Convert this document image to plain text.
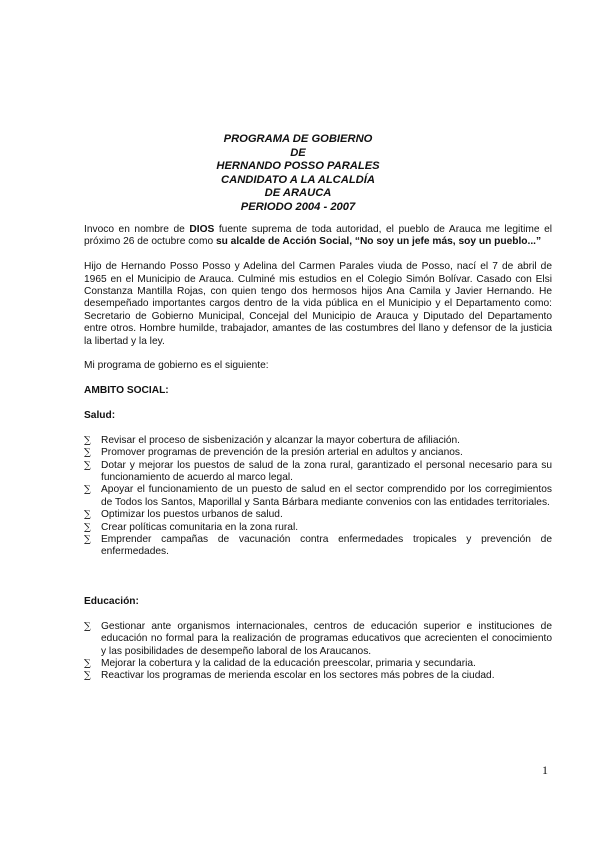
PROGRAMA DE GOBIERNO
DE
HERNANDO POSSO PARALES
CANDIDATO A LA ALCALDÍA
DE ARAUCA
PERIODO 2004 - 2007

Invoco en nombre de DIOS fuente suprema de toda autoridad, el pueblo de Arauca me legitime el próximo 26 de octubre como su alcalde de Acción Social, “No soy un jefe más, soy un pueblo...”

Hijo de Hernando Posso Posso y Adelina del Carmen Parales viuda de Posso, nací el 7 de abril de 1965 en el Municipio de Arauca. Culminé mis estudios en el Colegio Simón Bolívar. Casado con Elsi Constanza Mantilla Rojas, con quien tengo dos hermosos hijos Ana Camila y Javier Hernando. He desempeñado importantes cargos dentro de la vida pública en el Municipio y el Departamento como: Secretario de Gobierno Municipal, Concejal del Municipio de Arauca y Diputado del Departamento entre otros. Hombre humilde, trabajador, amantes de las costumbres del llano y defensor de la justicia la libertad y la ley.

Mi programa de gobierno es el siguiente:

AMBITO SOCIAL:

Salud:

∑ Revisar el proceso de sisbenización y alcanzar la mayor cobertura de afiliación.
∑ Promover programas de prevención de la presión arterial en adultos y ancianos.
∑ Dotar y mejorar los puestos de salud de la zona rural, garantizado el personal necesario para su funcionamiento de acuerdo al marco legal.
∑ Apoyar el funcionamiento de un puesto de salud en el sector comprendido por los corregimientos de Todos los Santos, Maporillal y Santa Bárbara mediante convenios con las entidades territoriales.
∑ Optimizar los puestos urbanos de salud.
∑ Crear políticas comunitaria en la zona rural.
∑ Emprender campañas de vacunación contra enfermedades tropicales y prevención de enfermedades.

Educación:

∑ Gestionar ante organismos internacionales, centros de educación superior e instituciones de educación no formal para la realización de programas educativos que acrecienten el conocimiento y las posibilidades de desempeño laboral de los Araucanos.
∑ Mejorar la cobertura y la calidad de la educación preescolar, primaria y secundaria.
∑ Reactivar los programas de merienda escolar en los sectores más pobres de la ciudad.
1
